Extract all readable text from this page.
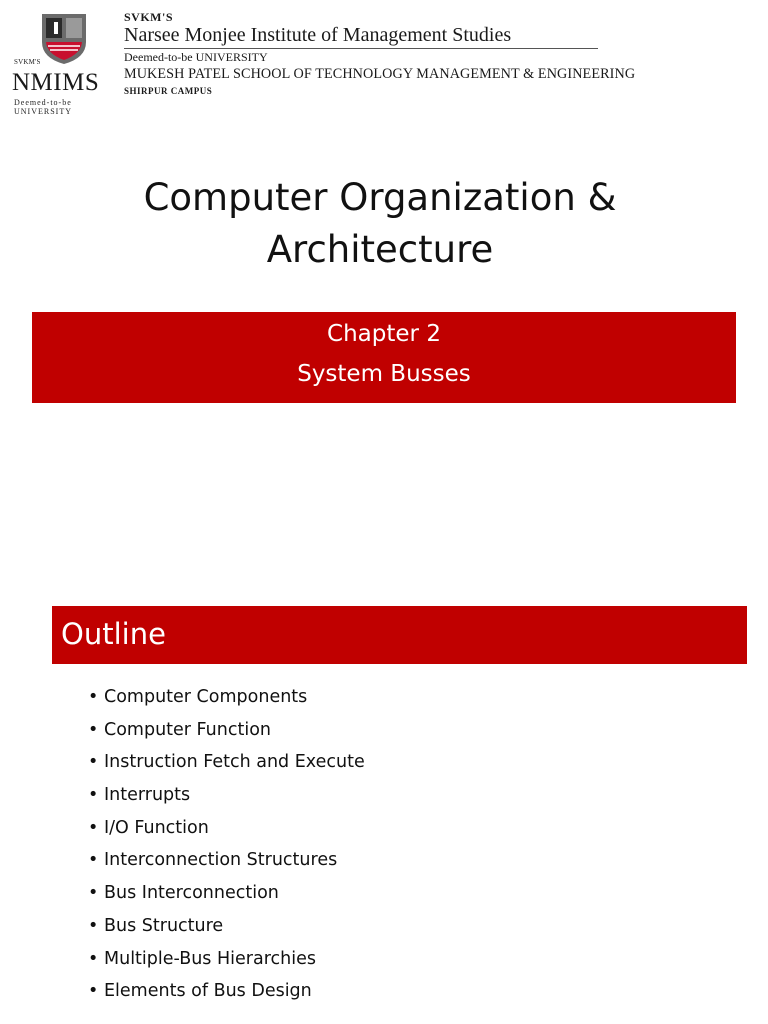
SVKM'S
NMIMS
Deemed-to-be UNIVERSITY
SVKM'S
Narsee Monjee Institute of Management Studies
Deemed-to-be UNIVERSITY
MUKESH PATEL SCHOOL OF TECHNOLOGY MANAGEMENT & ENGINEERING
SHIRPUR CAMPUS
Computer Organization &
Architecture
Chapter 2
System Busses
Outline
• Computer Components
• Computer Function
• Instruction Fetch and Execute
• Interrupts
• I/O Function
• Interconnection Structures
• Bus Interconnection
• Bus Structure
• Multiple-Bus Hierarchies
• Elements of Bus Design
